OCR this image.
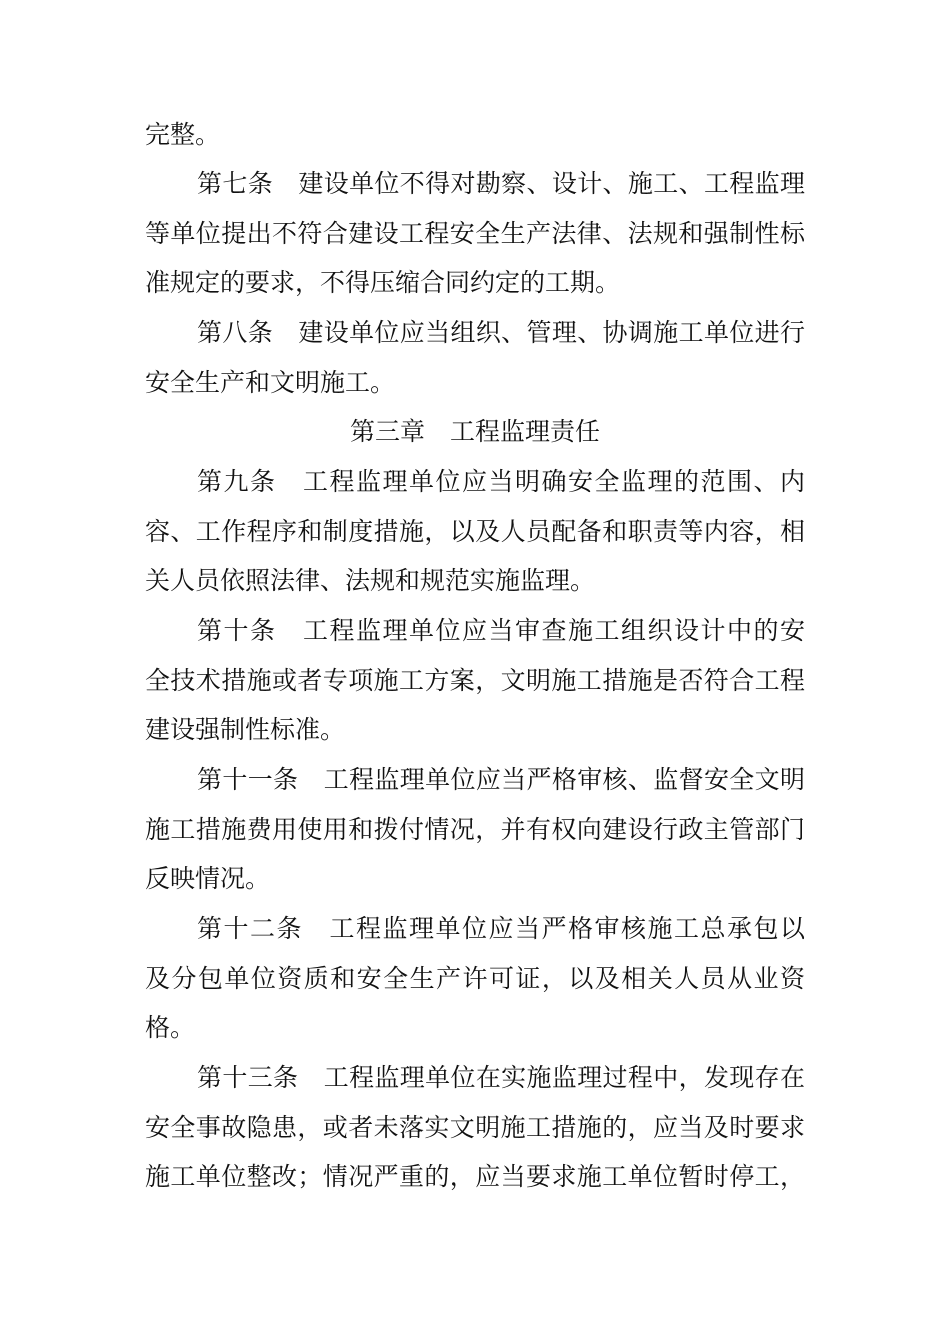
完整。
第七条　建设单位不得对勘察、设计、施工、工程监理
等单位提出不符合建设工程安全生产法律、法规和强制性标
准规定的要求，不得压缩合同约定的工期。
第八条　建设单位应当组织、管理、协调施工单位进行
安全生产和文明施工。
第三章　工程监理责任
第九条　工程监理单位应当明确安全监理的范围、内
容、工作程序和制度措施，以及人员配备和职责等内容，相
关人员依照法律、法规和规范实施监理。
第十条　工程监理单位应当审查施工组织设计中的安
全技术措施或者专项施工方案，文明施工措施是否符合工程
建设强制性标准。
第十一条　工程监理单位应当严格审核、监督安全文明
施工措施费用使用和拨付情况，并有权向建设行政主管部门
反映情况。
第十二条　工程监理单位应当严格审核施工总承包以
及分包单位资质和安全生产许可证，以及相关人员从业资
格。
第十三条　工程监理单位在实施监理过程中，发现存在
安全事故隐患，或者未落实文明施工措施的，应当及时要求
施工单位整改；情况严重的，应当要求施工单位暂时停工，
